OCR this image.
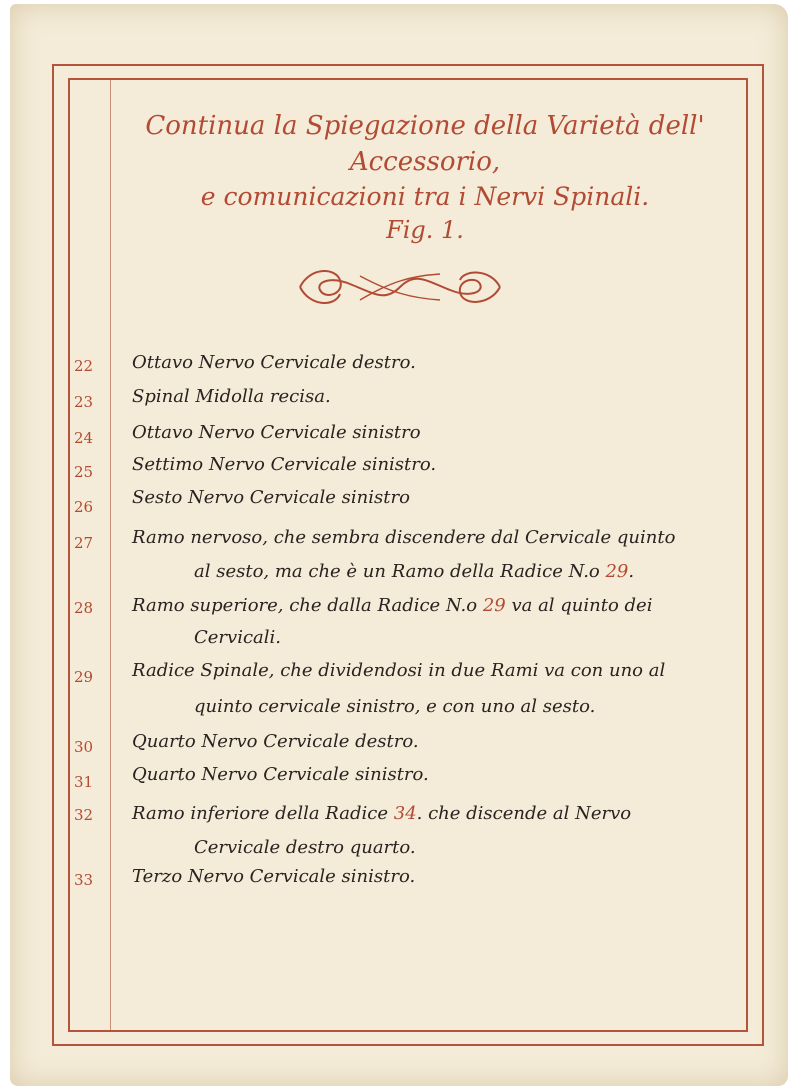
Continua la Spiegazione della Varietà dell' Accessorio,
e comunicazioni tra i Nervi Spinali.
Fig. 1.
22	Ottavo Nervo Cervicale destro.
23	Spinal Midolla recisa.
24	Ottavo Nervo Cervicale sinistro
25	Settimo Nervo Cervicale sinistro.
26	Sesto Nervo Cervicale sinistro
27	Ramo nervoso, che sembra discendere dal Cervicale quinto
al sesto, ma che è un Ramo della Radice N.o 29.
28	Ramo superiore, che dalla Radice N.o 29 va al quinto dei
Cervicali.
29	Radice Spinale, che dividendosi in due Rami va con uno al
quinto cervicale sinistro, e con uno al sesto.
30	Quarto Nervo Cervicale destro.
31	Quarto Nervo Cervicale sinistro.
32	Ramo inferiore della Radice 34. che discende al Nervo
Cervicale destro quarto.
33	Terzo Nervo Cervicale sinistro.
